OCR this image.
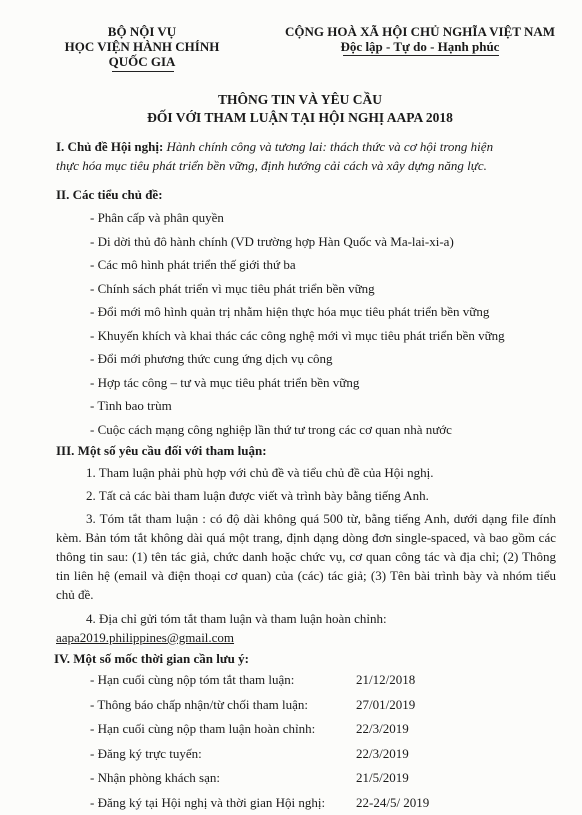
BỘ NỘI VỤ
HỌC VIỆN HÀNH CHÍNH
QUỐC GIA
CỘNG HOÀ XÃ HỘI CHỦ NGHĨA VIỆT NAM
Độc lập - Tự do - Hạnh phúc
THÔNG TIN VÀ YÊU CẦU
ĐỐI VỚI THAM LUẬN TẠI HỘI NGHỊ AAPA 2018
I. Chủ đề Hội nghị: Hành chính công và tương lai: thách thức và cơ hội trong hiện
thực hóa mục tiêu phát triển bền vững, định hướng cải cách và xây dựng năng lực.
II. Các tiểu chủ đề:
- Phân cấp và phân quyền
- Di dời thủ đô hành chính (VD trường hợp Hàn Quốc và Ma-lai-xi-a)
- Các mô hình phát triển thế giới thứ ba
- Chính sách phát triển vì mục tiêu phát triển bền vững
- Đổi mới mô hình quản trị nhằm hiện thực hóa mục tiêu phát triển bền vững
- Khuyến khích và khai thác các công nghệ mới vì mục tiêu phát triển bền vững
- Đổi mới phương thức cung ứng dịch vụ công
- Hợp tác công – tư và mục tiêu phát triển bền vững
- Tình bao trùm
- Cuộc cách mạng công nghiệp lần thứ tư trong các cơ quan nhà nước
III. Một số yêu cầu đối với tham luận:
1. Tham luận phải phù hợp với chủ đề và tiểu chủ đề của Hội nghị.
2. Tất cả các bài tham luận được viết và trình bày bằng tiếng Anh.
3. Tóm tắt tham luận : có độ dài không quá 500 từ, bằng tiếng Anh, dưới dạng file đính kèm. Bản tóm tắt không dài quá một trang, định dạng dòng đơn single-spaced, và bao gồm các thông tin sau: (1) tên tác giả, chức danh hoặc chức vụ, cơ quan công tác và địa chỉ; (2) Thông tin liên hệ (email và điện thoại cơ quan) của (các) tác giả; (3) Tên bài trình bày và nhóm tiểu chủ đề.
4. Địa chỉ gửi tóm tắt tham luận và tham luận hoàn chỉnh:
aapa2019.philippines@gmail.com
IV. Một số mốc thời gian cần lưu ý:
- Hạn cuối cùng nộp tóm tắt tham luận:	21/12/2018
- Thông báo chấp nhận/từ chối tham luận:	27/01/2019
- Hạn cuối cùng nộp tham luận hoàn chỉnh:	22/3/2019
- Đăng ký trực tuyến:	22/3/2019
- Nhận phòng khách sạn:	21/5/2019
- Đăng ký tại Hội nghị và thời gian Hội nghị: 22-24/5/ 2019
